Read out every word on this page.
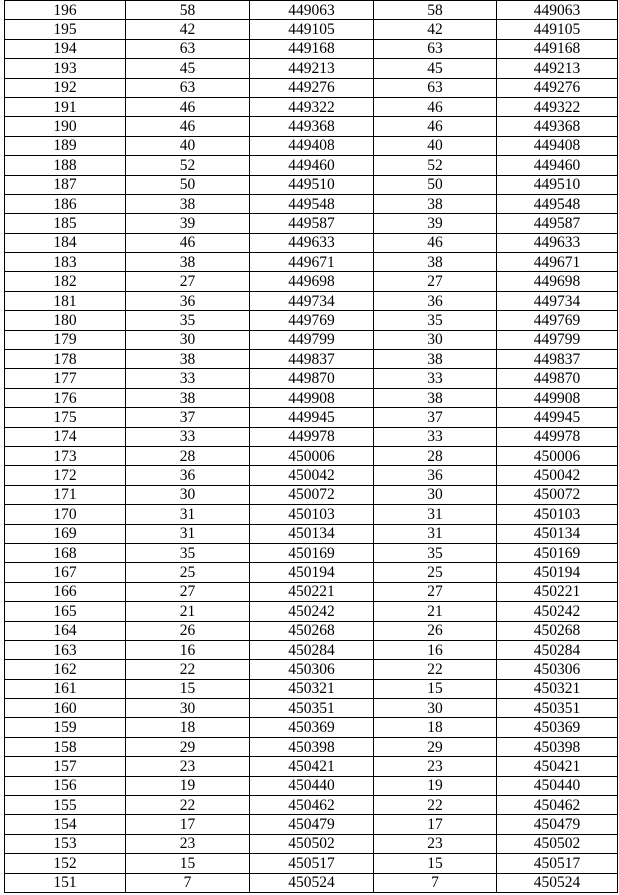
196	58	449063	58	449063
195	42	449105	42	449105
194	63	449168	63	449168
193	45	449213	45	449213
192	63	449276	63	449276
191	46	449322	46	449322
190	46	449368	46	449368
189	40	449408	40	449408
188	52	449460	52	449460
187	50	449510	50	449510
186	38	449548	38	449548
185	39	449587	39	449587
184	46	449633	46	449633
183	38	449671	38	449671
182	27	449698	27	449698
181	36	449734	36	449734
180	35	449769	35	449769
179	30	449799	30	449799
178	38	449837	38	449837
177	33	449870	33	449870
176	38	449908	38	449908
175	37	449945	37	449945
174	33	449978	33	449978
173	28	450006	28	450006
172	36	450042	36	450042
171	30	450072	30	450072
170	31	450103	31	450103
169	31	450134	31	450134
168	35	450169	35	450169
167	25	450194	25	450194
166	27	450221	27	450221
165	21	450242	21	450242
164	26	450268	26	450268
163	16	450284	16	450284
162	22	450306	22	450306
161	15	450321	15	450321
160	30	450351	30	450351
159	18	450369	18	450369
158	29	450398	29	450398
157	23	450421	23	450421
156	19	450440	19	450440
155	22	450462	22	450462
154	17	450479	17	450479
153	23	450502	23	450502
152	15	450517	15	450517
151	7	450524	7	450524
